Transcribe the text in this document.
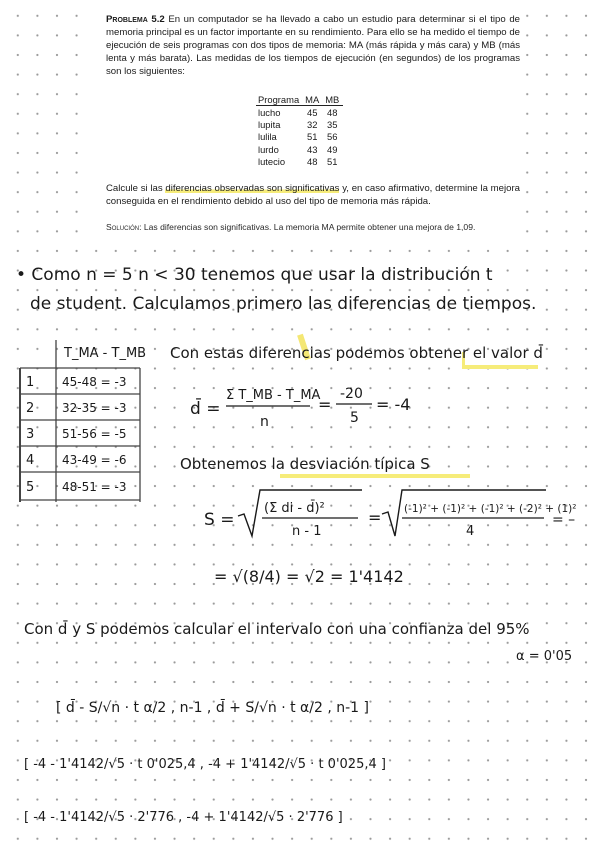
Problema 5.2 En un computador se ha llevado a cabo un estudio para determinar si el tipo de memoria principal es un factor importante en su rendimiento. Para ello se ha medido el tiempo de ejecución de seis programas con dos tipos de memoria: MA (más rápida y más cara) y MB (más lenta y más barata). Las medidas de los tiempos de ejecución (en segundos) de los programas son los siguientes:
Programa	MA	MB
lucho	45	48
lupita	32	35
lulila	51	56
lurdo	43	49
lutecio	48	51
Calcule si las diferencias observadas son significativas y, en caso afirmativo, determine la mejora conseguida en el rendimiento debido al uso del tipo de memoria más rápida.
Solución: Las diferencias son significativas. La memoria MA permite obtener una mejora de 1,09.
• Como n = 5 n < 30 tenemos que usar la distribución t
de student. Calculamos primero las diferencias de tiempos.
T_MA - T_MB
1 45-48 = -3
2 32-35 = -3
3 51-56 = -5
4 43-49 = -6
5 48-51 = -3
Con estas diferencias podemos obtener el valor d̄
d̄ =
Σ T_MB - T_MA
n
=
-20
5
= -4
Obtenemos la desviación típica S
S =
(Σ di - d̄)²
n - 1
= (-1)² + (-1)² + (-1)² + (-2)² + (1)²
4
= –
= √(8/4) = √2 = 1'4142
Con d̄ y S podemos calcular el intervalo con una confianza del 95%
α = 0'05
[ d̄ - S/√n · t α/2 , n-1 , d̄ + S/√n · t α/2 , n-1 ]
[ -4 - 1'4142/√5 · t 0'025,4 , -4 + 1'4142/√5 · t 0'025,4 ]
[ -4 - 1'4142/√5 · 2'776 , -4 + 1'4142/√5 · 2'776 ]
